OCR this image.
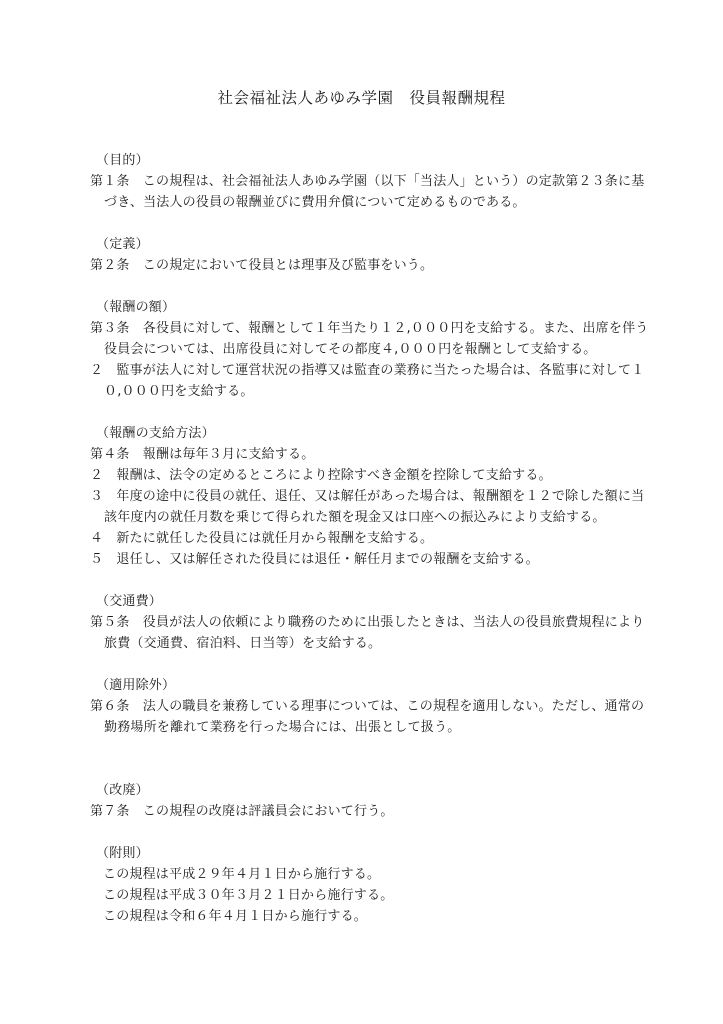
社会福祉法人あゆみ学園　役員報酬規程
（目的）
第１条　この規程は、社会福祉法人あゆみ学園（以下「当法人」という）の定款第２３条に基づき、当法人の役員の報酬並びに費用弁償について定めるものである。
（定義）
第２条　この規定において役員とは理事及び監事をいう。
（報酬の額）
第３条　各役員に対して、報酬として１年当たり１２,０００円を支給する。また、出席を伴う役員会については、出席役員に対してその都度４,０００円を報酬として支給する。
２　監事が法人に対して運営状況の指導又は監査の業務に当たった場合は、各監事に対して１０,０００円を支給する。
（報酬の支給方法）
第４条　報酬は毎年３月に支給する。
２　報酬は、法令の定めるところにより控除すべき金額を控除して支給する。
３　年度の途中に役員の就任、退任、又は解任があった場合は、報酬額を１２で除した額に当該年度内の就任月数を乗じて得られた額を現金又は口座への振込みにより支給する。
４　新たに就任した役員には就任月から報酬を支給する。
５　退任し、又は解任された役員には退任・解任月までの報酬を支給する。
（交通費）
第５条　役員が法人の依頼により職務のために出張したときは、当法人の役員旅費規程により旅費（交通費、宿泊料、日当等）を支給する。
（適用除外）
第６条　法人の職員を兼務している理事については、この規程を適用しない。ただし、通常の勤務場所を離れて業務を行った場合には、出張として扱う。
（改廃）
第７条　この規程の改廃は評議員会において行う。
（附則）
この規程は平成２９年４月１日から施行する。
この規程は平成３０年３月２１日から施行する。
この規程は令和６年４月１日から施行する。
